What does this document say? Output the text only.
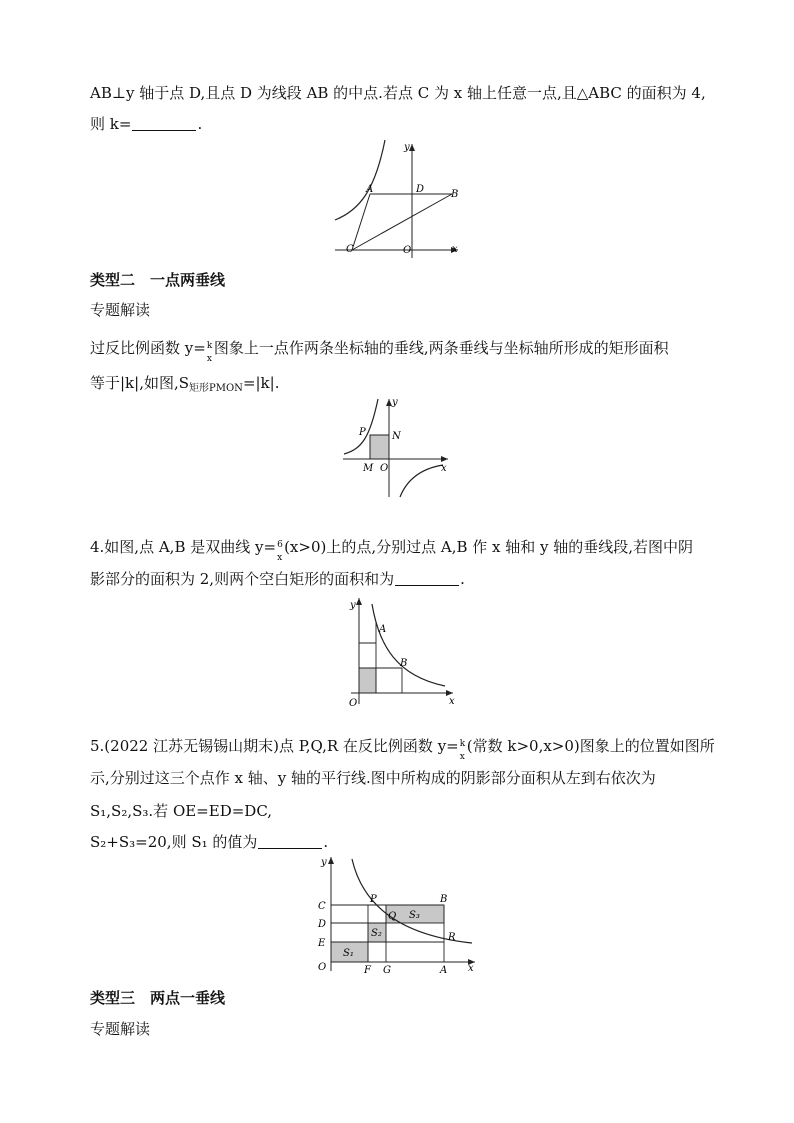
AB⊥y 轴于点 D,且点 D 为线段 AB 的中点.若点 C 为 x 轴上任意一点,且△ABC 的面积为 4,
则 k=	.
y
A	D	B
C	O	x
类型二　一点两垂线
专题解读
过反比例函数 y= k
x
图象上一点作两条坐标轴的垂线,两条垂线与坐标轴所形成的矩形面积
等于|k|,如图$,S_{矩形PMON}=|k|$.
y
P	N
M O	x
4.如图,点 A,B 是双曲线 y= 6
x
(x>0)上的点,分别过点 A,B 作 x 轴和 y 轴的垂线段,若图中阴
影部分的面积为 2,则两个空白矩形的面积和为	.
y
A
B
O	x
5.(2022 江苏无锡锡山期末)点 P,Q,R 在反比例函数 y= k
x
(常数 k>0,x>0)图象上的位置如图所
示,分别过这三个点作 x 轴、y 轴的平行线.图中所构成的阴影部分面积从左到右依次为
S₁,S₂,S₃.若 OE=ED=DC,
S₂+S₃=20,则 S₁ 的值为	.
y
C
D
E
O	F G	A
P
Q
B
R
S₃
S₂
S₁
x
类型三　两点一垂线
专题解读
